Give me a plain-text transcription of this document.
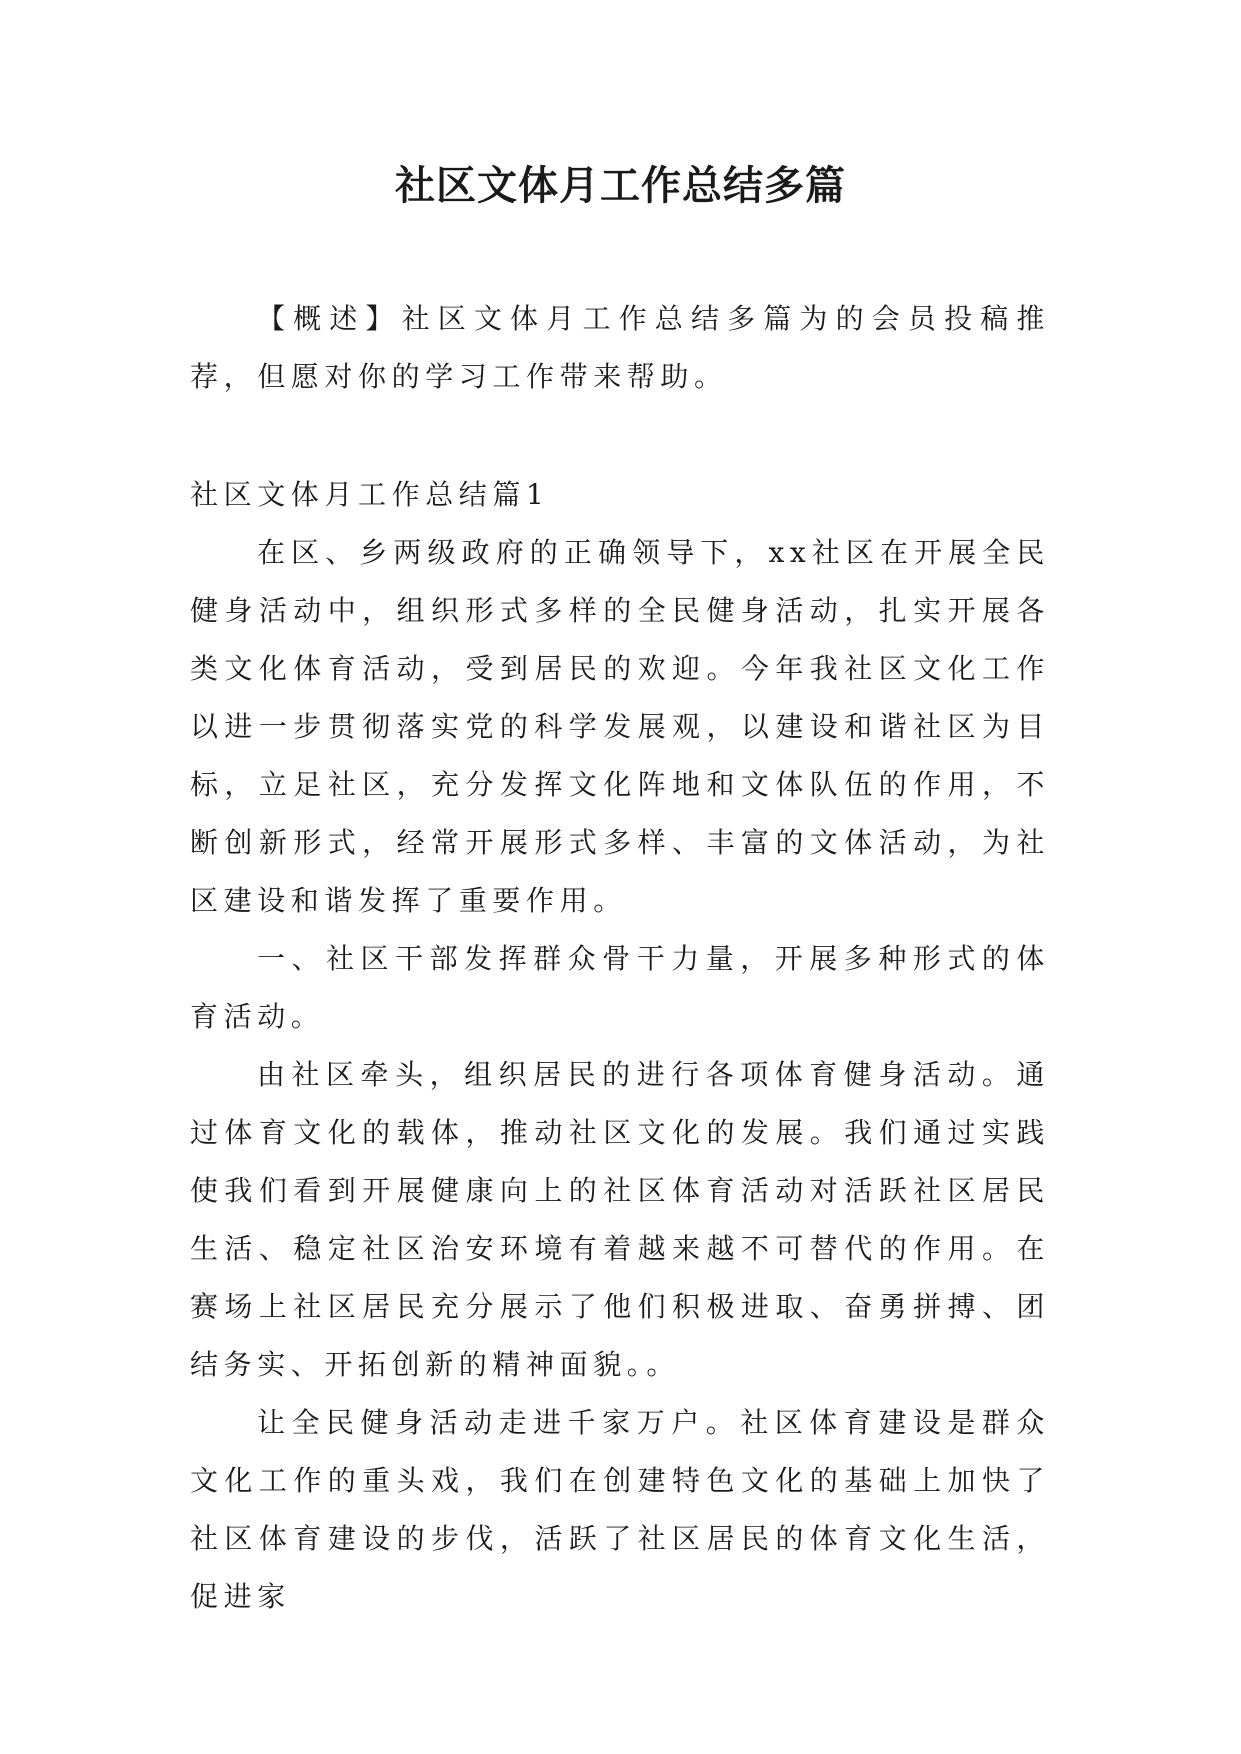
社区文体月工作总结多篇

【概述】社区文体月工作总结多篇为的会员投稿推荐，但愿对你的学习工作带来帮助。

社区文体月工作总结篇1

在区、乡两级政府的正确领导下，xx社区在开展全民健身活动中，组织形式多样的全民健身活动，扎实开展各类文化体育活动，受到居民的欢迎。今年我社区文化工作以进一步贯彻落实党的科学发展观，以建设和谐社区为目标，立足社区，充分发挥文化阵地和文体队伍的作用，不断创新形式，经常开展形式多样、丰富的文体活动，为社区建设和谐发挥了重要作用。

一、社区干部发挥群众骨干力量，开展多种形式的体育活动。

由社区牵头，组织居民的进行各项体育健身活动。通过体育文化的载体，推动社区文化的发展。我们通过实践使我们看到开展健康向上的社区体育活动对活跃社区居民生活、稳定社区治安环境有着越来越不可替代的作用。在赛场上社区居民充分展示了他们积极进取、奋勇拼搏、团结务实、开拓创新的精神面貌。。

让全民健身活动走进千家万户。社区体育建设是群众文化工作的重头戏，我们在创建特色文化的基础上加快了社区体育建设的步伐，活跃了社区居民的体育文化生活，促进家
